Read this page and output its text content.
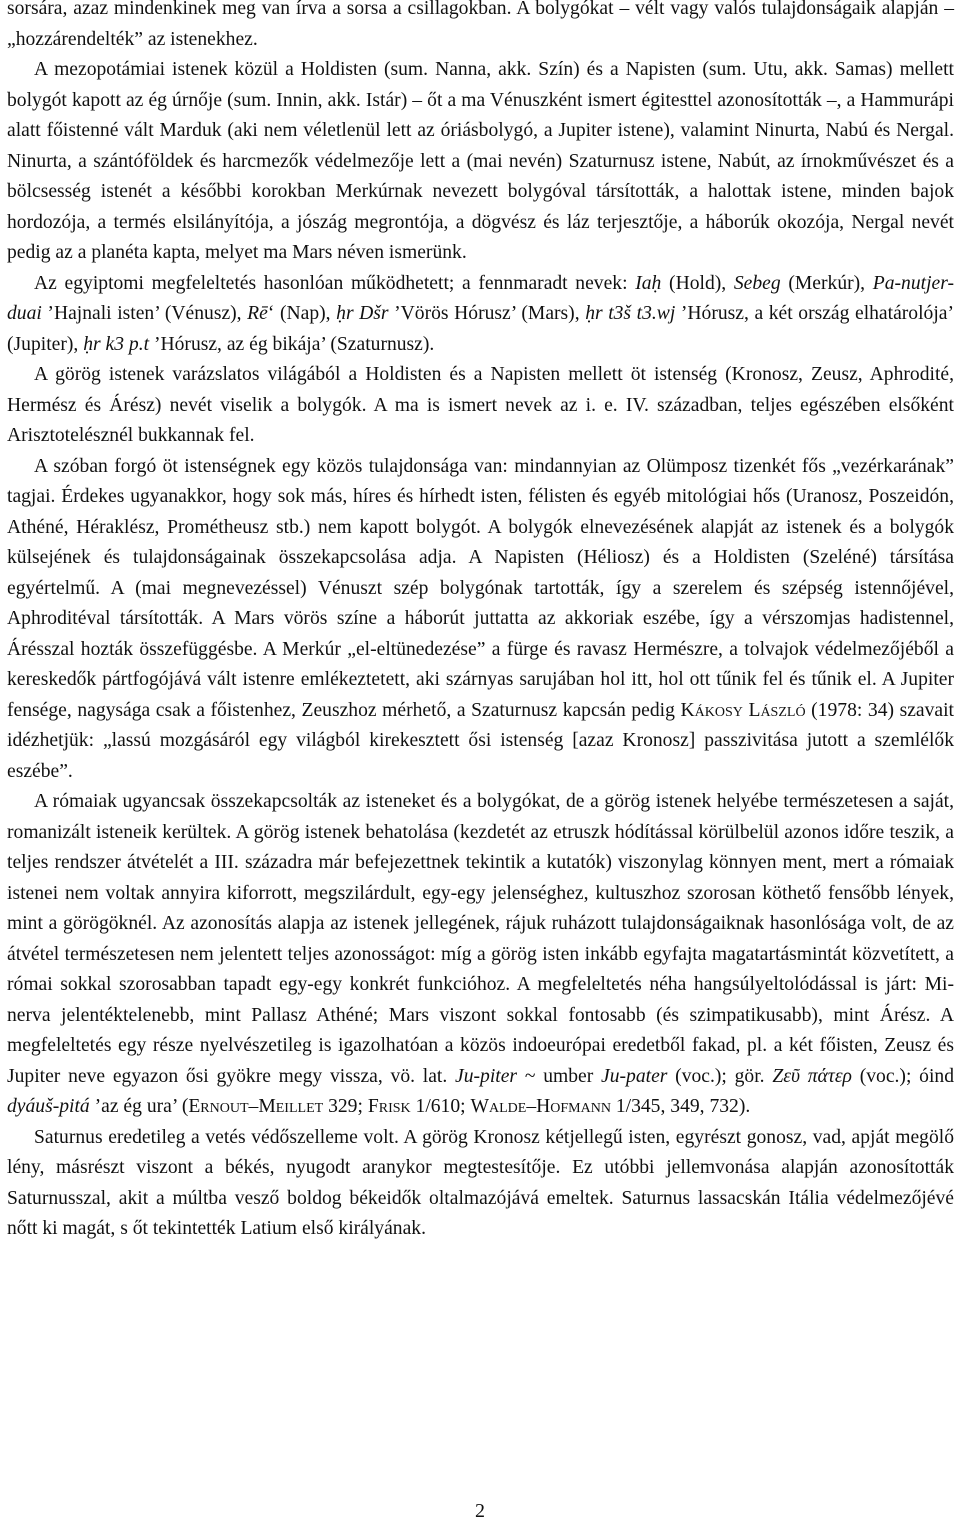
sorsára, azaz mindenkinek meg van írva a sorsa a csillagokban. A bolygókat – vélt vagy valós tulajdonságaik alapján – „hozzárendelték” az istenekhez.

A mezopotámiai istenek közül a Holdisten (sum. Nanna, akk. Szín) és a Napisten (sum. Utu, akk. Samas) mellett bolygót kapott az ég úrnője (sum. Innin, akk. Istár) – őt a ma Vénuszként ismert égitesttel azonosították –, a Hammurápi alatt főistenné vált Marduk (aki nem véletlenül lett az óriásbolygó, a Jupiter istene), valamint Ninurta, Nabú és Nergal. Ninurta, a szántóföldek és harcmezők védelmezője lett a (mai nevén) Szaturnusz istene, Nabút, az írnokművészet és a bölcsesség istenét a későbbi korokban Merkúrnak nevezett bolygóval társították, a halottak istene, minden bajok hordozója, a termés elsilányítója, a jószág megrontója, a dögvész és láz terjesztője, a háborúk okozója, Nergal nevét pedig az a planéta kapta, melyet ma Mars néven ismerünk.

Az egyiptomi megfeleltetés hasonlóan működhetett; a fennmaradt nevek: Iaḥ (Hold), Sebeg (Merkúr), Pa-nutjer-duai ’Hajnali isten’ (Vénusz), Rē‘ (Nap), ḥr Dšr ’Vörös Hórusz’ (Mars), ḥr t3š t3.wj ’Hórusz, a két ország elhatárolója’ (Jupiter), ḥr k3 p.t ’Hórusz, az ég bikája’ (Szaturnusz).

A görög istenek varázslatos világából a Holdisten és a Napisten mellett öt istenség (Kronosz, Zeusz, Aphrodité, Hermész és Árész) nevét viselik a bolygók. A ma is ismert nevek az i. e. IV. században, teljes egészében elsőként Arisztotelésznél bukkannak fel.

A szóban forgó öt istenségnek egy közös tulajdonsága van: mindannyian az Olümposz tizenkét fős „vezérkarának” tagjai. Érdekes ugyanakkor, hogy sok más, híres és hírhedt isten, félisten és egyéb mitológiai hős (Uranosz, Poszeidón, Athéné, Héraklész, Prométheusz stb.) nem kapott bolygót. A bolygók elnevezésének alapját az istenek és a bolygók külsejének és tulajdonságainak összekapcsolása adja. A Napisten (Héliosz) és a Holdisten (Szeléné) társítása egyértelmű. A (mai megnevezéssel) Vénuszt szép bolygónak tartották, így a szerelem és szépség istennőjével, Aphroditéval társították. A Mars vörös színe a háborút juttatta az akkoriak eszébe, így a vérszomjas hadistennel, Árésszal hozták összefüggésbe. A Merkúr „el-eltünedezése” a fürge és ravasz Hermészre, a tolvajok védelmezőjéből a kereskedők pártfogójává vált istenre emlékeztetett, aki szárnyas sarujában hol itt, hol ott tűnik fel és tűnik el. A Jupiter fensége, nagysága csak a főistenhez, Zeuszhoz mérhető, a Szaturnusz kapcsán pedig Kákosy László (1978: 34) szavait idézhetjük: „lassú mozgásáról egy világból kirekesztett ősi istenség [azaz Kronosz] passzivitása jutott a szemlélők eszébe”.

A rómaiak ugyancsak összekapcsolták az isteneket és a bolygókat, de a görög istenek helyébe természetesen a saját, romanizált isteneik kerültek. A görög istenek behatolása (kezdetét az etruszk hódítással körülbelül azonos időre teszik, a teljes rendszer átvételét a III. századra már befejezettnek tekintik a kutatók) viszonylag könnyen ment, mert a rómaiak istenei nem voltak annyira kiforrott, megszilárdult, egy-egy jelenséghez, kultuszhoz szorosan köthető fensőbb lények, mint a görögöknél. Az azonosítás alapja az istenek jellegének, rájuk ruházott tulajdonságaiknak hasonlósága volt, de az átvétel természetesen nem jelentett teljes azonosságot: míg a görög isten inkább egyfajta magatartásmintát közvetített, a római sokkal szorosabban tapadt egy-egy konkrét funkcióhoz. A megfeleltetés néha hangsúlyeltolódással is járt: Minerva jelentéktelenebb, mint Pallasz Athéné; Mars viszont sokkal fontosabb (és szimpatikusabb), mint Árész. A megfeleltetés egy része nyelvészetileg is igazolhatóan a közös indoeurópai eredetből fakad, pl. a két főisten, Zeusz és Jupiter neve egyazon ősi gyökre megy vissza, vö. lat. Ju-piter ~ umber Ju-pater (voc.); gör. Ζεῦ πάτερ (voc.); óind dyáuš-pitá ’az ég ura’ (Ernout–Meillet 329; Frisk 1/610; Walde–Hofmann 1/345, 349, 732).

Saturnus eredetileg a vetés védőszelleme volt. A görög Kronosz kétjellegű isten, egyrészt gonosz, vad, apját megölő lény, másrészt viszont a békés, nyugodt aranykor megtestesítője. Ez utóbbi jellemvonása alapján azonosították Saturnusszal, akit a múltba vesző boldog békeidők oltalmazójává emeltek. Saturnus lassacskán Itália védelmezőjévé nőtt ki magát, s őt tekintették Latium első királyának.

2
